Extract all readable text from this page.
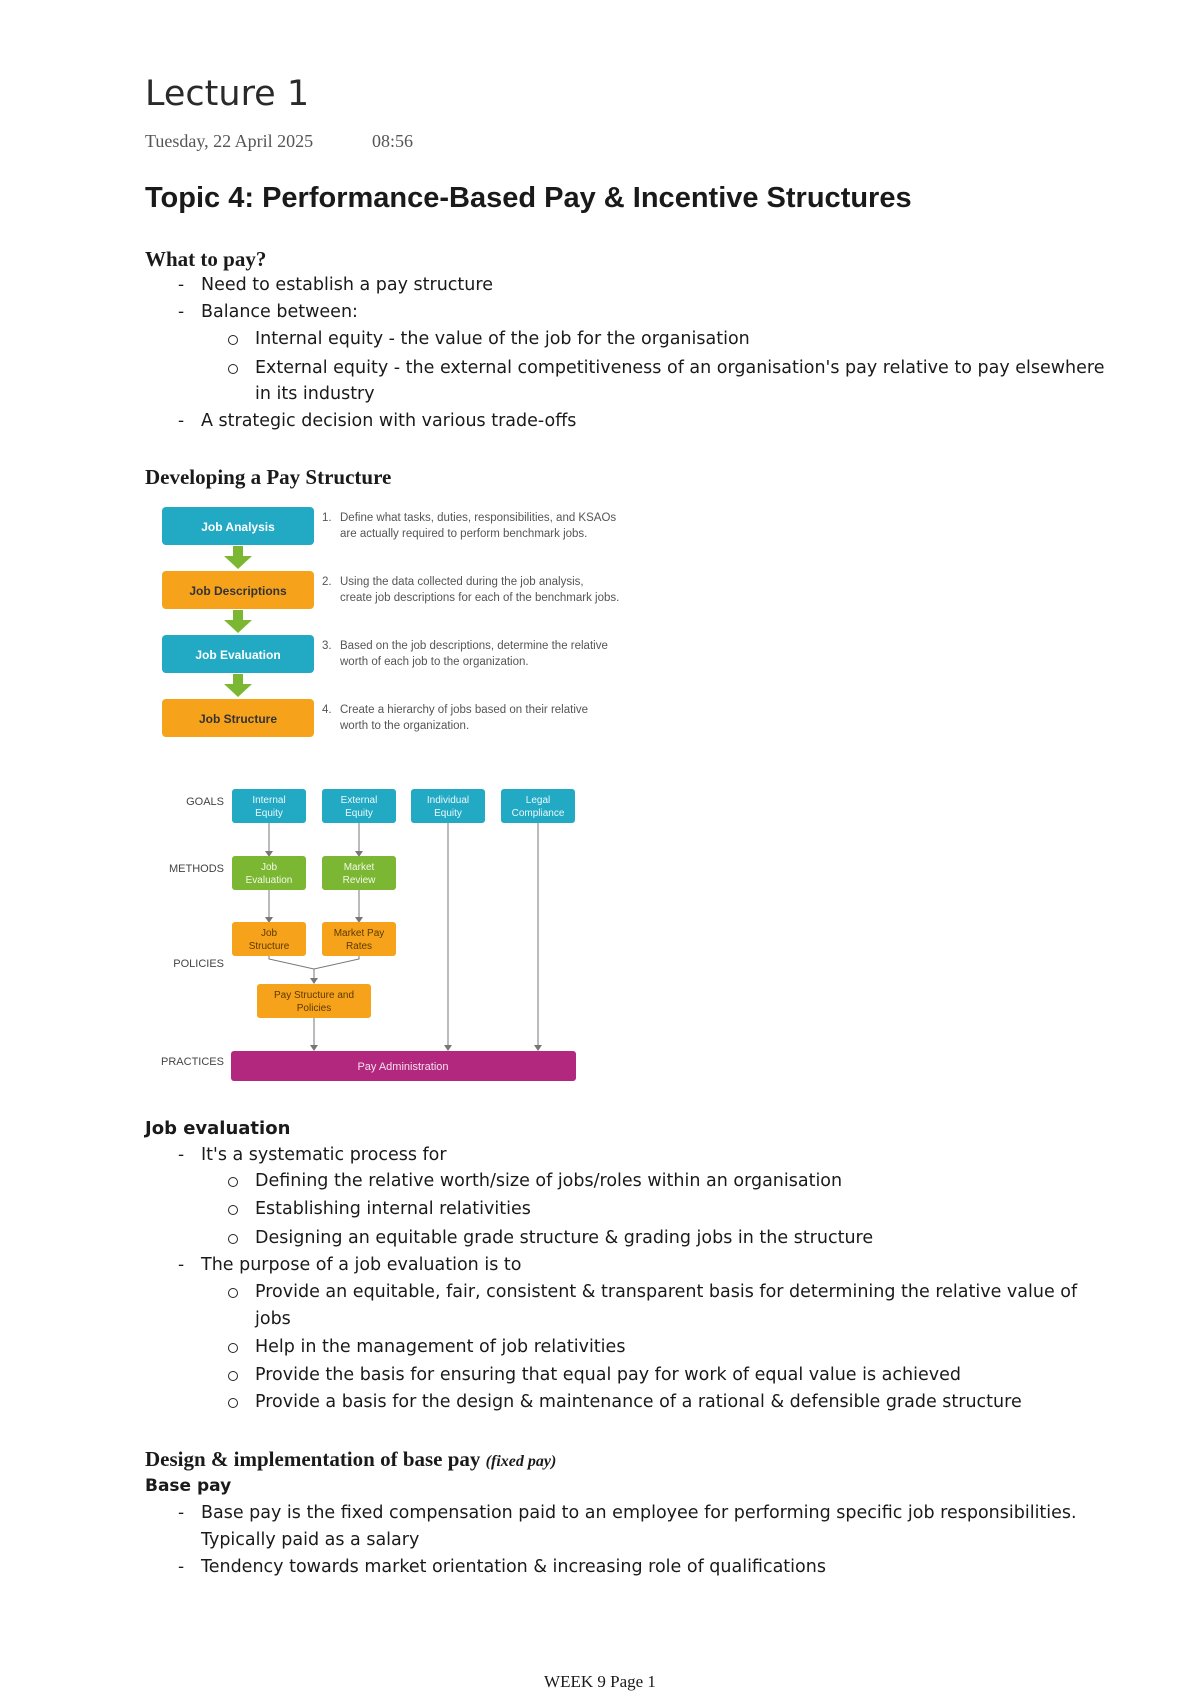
Lecture 1
Tuesday, 22 April 2025	08:56
Topic 4: Performance-Based Pay & Incentive Structures
What to pay?
- Need to establish a pay structure
- Balance between:
Internal equity - the value of the job for the organisation
External equity - the external competitiveness of an organisation's pay relative to pay elsewhere
in its industry
- A strategic decision with various trade-offs
Developing a Pay Structure
Job Analysis
1. Define what tasks, duties, responsibilities, and KSAOs
are actually required to perform benchmark jobs.
Job Descriptions
2. Using the data collected during the job analysis,
create job descriptions for each of the benchmark jobs.
Job Evaluation
3. Based on the job descriptions, determine the relative
worth of each job to the organization.
Job Structure
4. Create a hierarchy of jobs based on their relative
worth to the organization.
GOALS
METHODS
POLICIES
PRACTICES
Internal
Equity
External
Equity
Individual
Equity
Legal
Compliance
Job
Evaluation
Market
Review
Job
Structure
Market Pay
Rates
Pay Structure and
Policies
Pay Administration
Job evaluation
- It's a systematic process for
Defining the relative worth/size of jobs/roles within an organisation
Establishing internal relativities
Designing an equitable grade structure & grading jobs in the structure
- The purpose of a job evaluation is to
Provide an equitable, fair, consistent & transparent basis for determining the relative value of
jobs
Help in the management of job relativities
Provide the basis for ensuring that equal pay for work of equal value is achieved
Provide a basis for the design & maintenance of a rational & defensible grade structure
Design & implementation of base pay (fixed pay)
Base pay
- Base pay is the fixed compensation paid to an employee for performing specific job responsibilities.
Typically paid as a salary
- Tendency towards market orientation & increasing role of qualifications
WEEK 9 Page 1
